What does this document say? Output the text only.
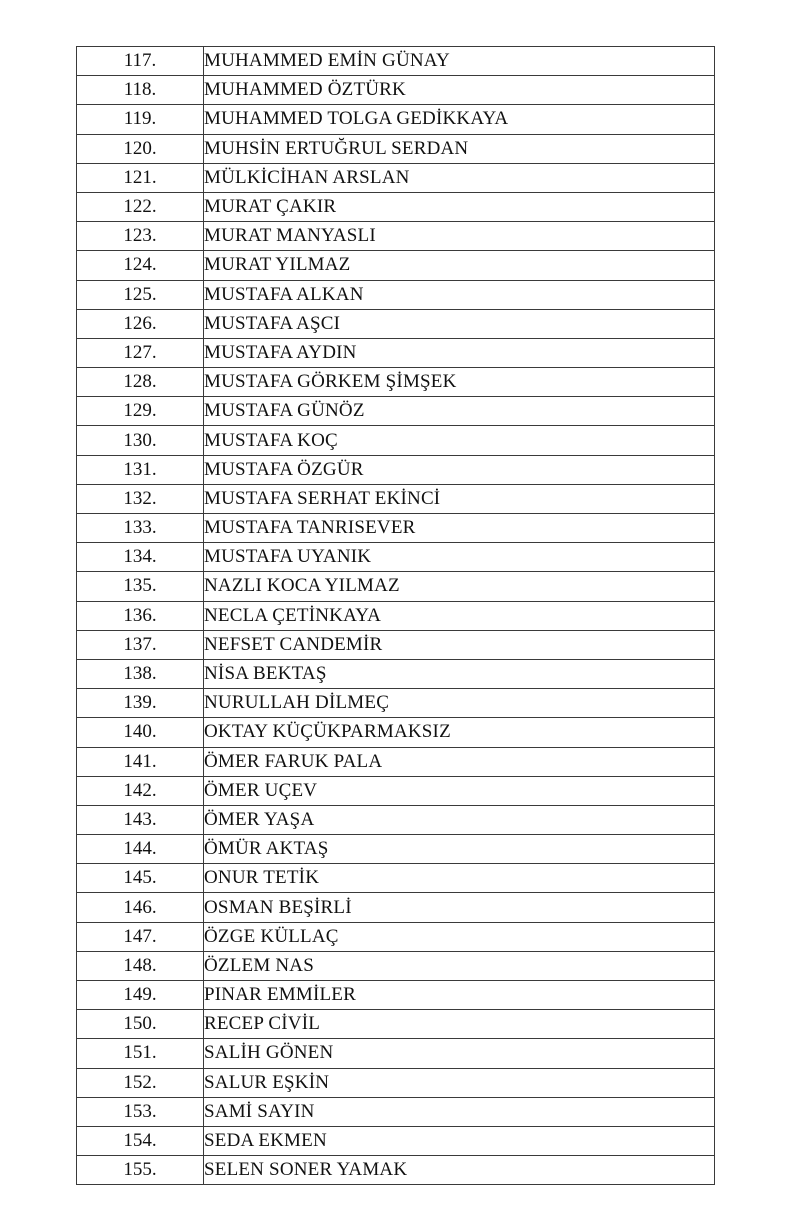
117.	MUHAMMED EMİN GÜNAY
118.	MUHAMMED ÖZTÜRK
119.	MUHAMMED TOLGA GEDİKKAYA
120.	MUHSİN ERTUĞRUL SERDAN
121.	MÜLKİCİHAN ARSLAN
122.	MURAT ÇAKIR
123.	MURAT MANYASLI
124.	MURAT YILMAZ
125.	MUSTAFA ALKAN
126.	MUSTAFA AŞCI
127.	MUSTAFA AYDIN
128.	MUSTAFA GÖRKEM ŞİMŞEK
129.	MUSTAFA GÜNÖZ
130.	MUSTAFA KOÇ
131.	MUSTAFA ÖZGÜR
132.	MUSTAFA SERHAT EKİNCİ
133.	MUSTAFA TANRISEVER
134.	MUSTAFA UYANIK
135.	NAZLI KOCA YILMAZ
136.	NECLA ÇETİNKAYA
137.	NEFSET CANDEMİR
138.	NİSA BEKTAŞ
139.	NURULLAH DİLMEÇ
140.	OKTAY KÜÇÜKPARMAKSIZ
141.	ÖMER FARUK PALA
142.	ÖMER UÇEV
143.	ÖMER YAŞA
144.	ÖMÜR AKTAŞ
145.	ONUR TETİK
146.	OSMAN BEŞİRLİ
147.	ÖZGE KÜLLAÇ
148.	ÖZLEM NAS
149.	PINAR EMMİLER
150.	RECEP CİVİL
151.	SALİH GÖNEN
152.	SALUR EŞKİN
153.	SAMİ SAYIN
154.	SEDA EKMEN
155.	SELEN SONER YAMAK
